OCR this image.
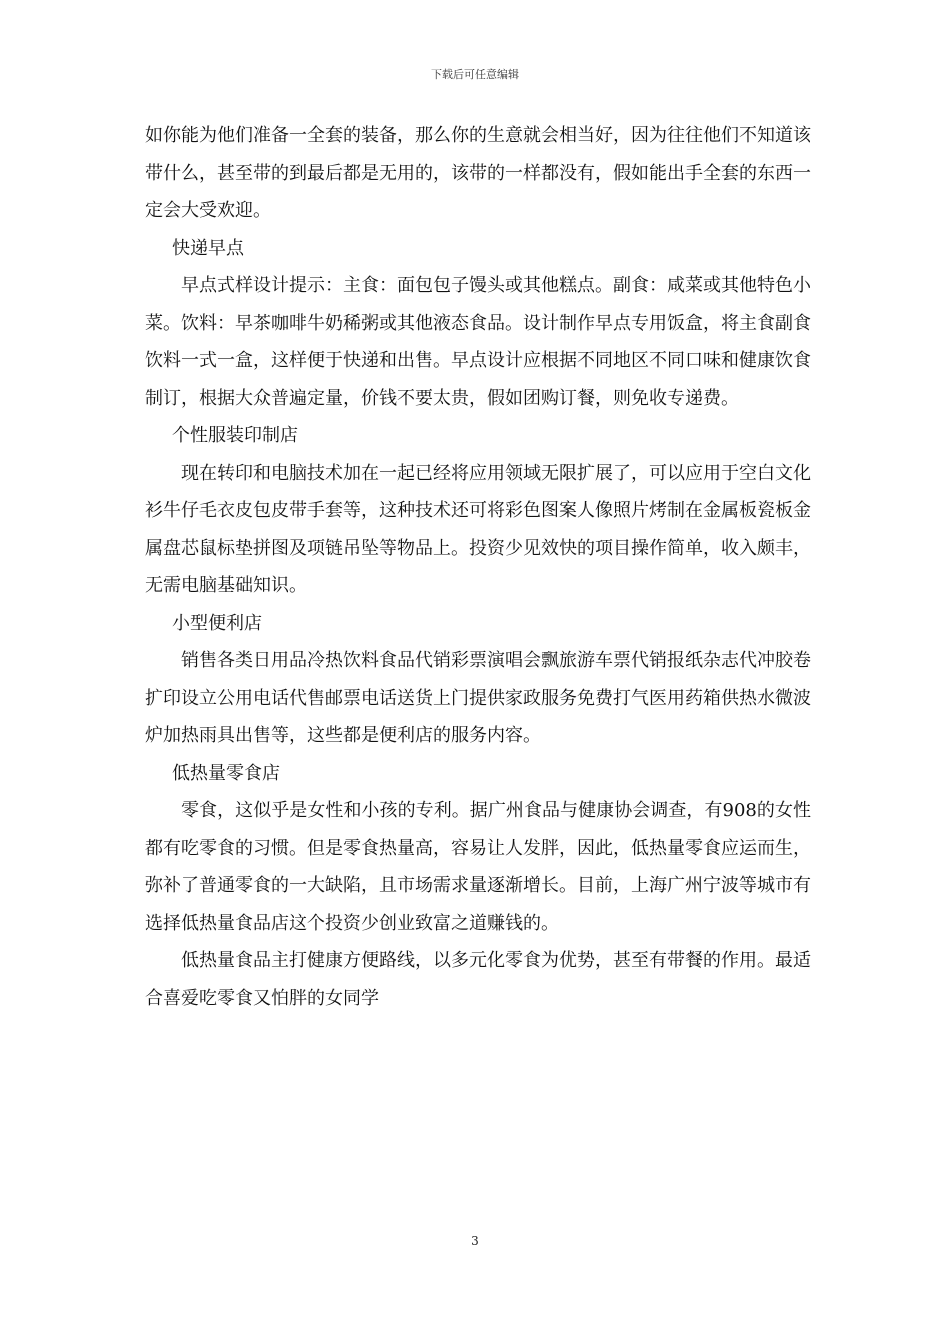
下载后可任意编辑

如你能为他们准备一全套的装备，那么你的生意就会相当好，因为往往他们不知道该带什么，甚至带的到最后都是无用的，该带的一样都没有，假如能出手全套的东西一定会大受欢迎。

快递早点

早点式样设计提示：主食：面包包子馒头或其他糕点。副食：咸菜或其他特色小菜。饮料：早茶咖啡牛奶稀粥或其他液态食品。设计制作早点专用饭盒，将主食副食饮料一式一盒，这样便于快递和出售。早点设计应根据不同地区不同口味和健康饮食制订，根据大众普遍定量，价钱不要太贵，假如团购订餐，则免收专递费。

个性服装印制店

现在转印和电脑技术加在一起已经将应用领域无限扩展了，可以应用于空白文化衫牛仔毛衣皮包皮带手套等，这种技术还可将彩色图案人像照片烤制在金属板瓷板金属盘芯鼠标垫拼图及项链吊坠等物品上。投资少见效快的项目操作简单，收入颇丰，无需电脑基础知识。

小型便利店

销售各类日用品冷热饮料食品代销彩票演唱会飘旅游车票代销报纸杂志代冲胶卷扩印设立公用电话代售邮票电话送货上门提供家政服务免费打气医用药箱供热水微波炉加热雨具出售等，这些都是便利店的服务内容。

低热量零食店

零食，这似乎是女性和小孩的专利。据广州食品与健康协会调查，有908的女性都有吃零食的习惯。但是零食热量高，容易让人发胖，因此，低热量零食应运而生，弥补了普通零食的一大缺陷，且市场需求量逐渐增长。目前，上海广州宁波等城市有选择低热量食品店这个投资少创业致富之道赚钱的。

低热量食品主打健康方便路线，以多元化零食为优势，甚至有带餐的作用。最适合喜爱吃零食又怕胖的女同学

3
